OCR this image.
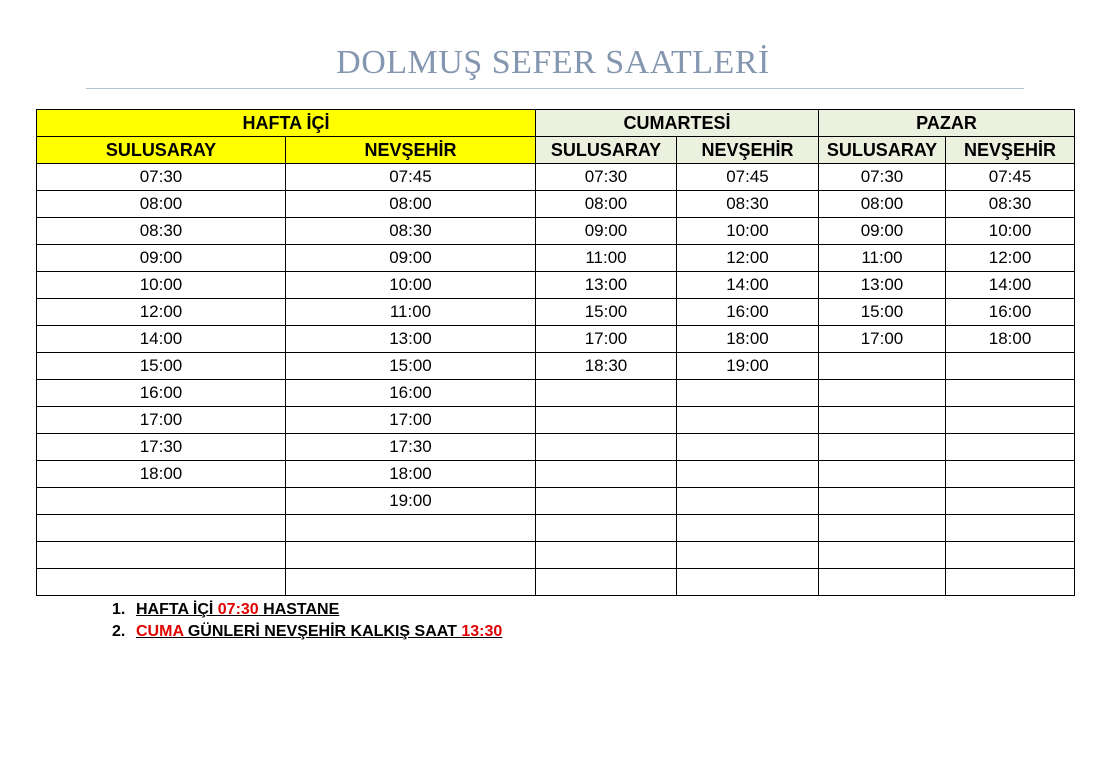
DOLMUŞ SEFER SAATLERİ
HAFTA İÇİ		CUMARTESİ		PAZAR	
SULUSARAY	NEVŞEHİR	SULUSARAY	NEVŞEHİR	SULUSARAY	NEVŞEHİR
07:30	07:45	07:30	07:45	07:30	07:45
08:00	08:00	08:00	08:30	08:00	08:30
08:30	08:30	09:00	10:00	09:00	10:00
09:00	09:00	11:00	12:00	11:00	12:00
10:00	10:00	13:00	14:00	13:00	14:00
12:00	11:00	15:00	16:00	15:00	16:00
14:00	13:00	17:00	18:00	17:00	18:00
15:00	15:00	18:30	19:00		
16:00	16:00				
17:00	17:00				
17:30	17:30				
18:00	18:00				
	19:00				

1. HAFTA İÇİ 07:30 HASTANE
2. CUMA GÜNLERİ NEVŞEHİR KALKIŞ SAAT 13:30
